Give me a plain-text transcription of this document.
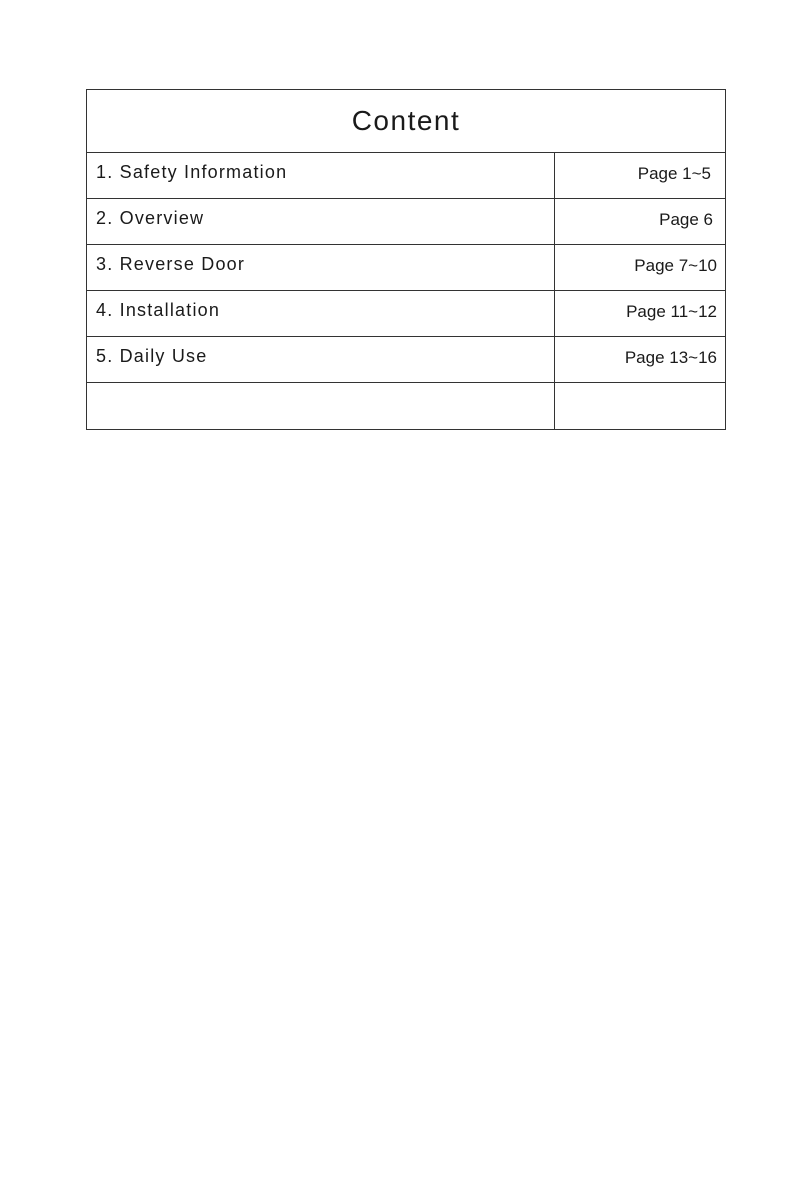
Content
1. Safety Information	Page 1~5
2. Overview	Page 6
3. Reverse Door	Page 7~10
4. Installation	Page 11~12
5. Daily Use	Page 13~16
